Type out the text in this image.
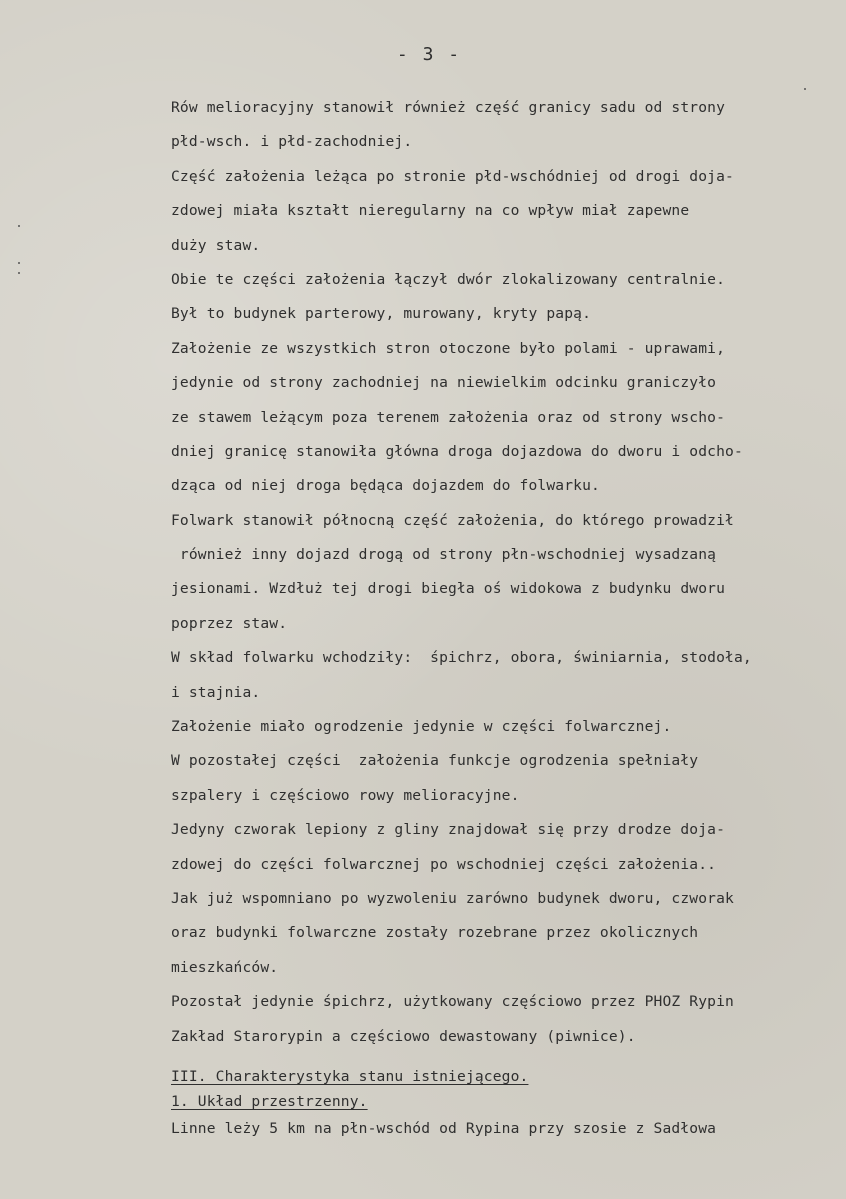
- 3 -
Rów melioracyjny stanowił również część granicy sadu od strony
płd-wsch. i płd-zachodniej.
Część założenia leżąca po stronie płd-wschódniej od drogi doja-
zdowej miała kształt nieregularny na co wpływ miał zapewne
duży staw.
Obie te części założenia łączył dwór zlokalizowany centralnie.
Był to budynek parterowy, murowany, kryty papą.
Założenie ze wszystkich stron otoczone było polami - uprawami,
jedynie od strony zachodniej na niewielkim odcinku graniczyło
ze stawem leżącym poza terenem założenia oraz od strony wscho-
dniej granicę stanowiła główna droga dojazdowa do dworu i odcho-
dząca od niej droga będąca dojazdem do folwarku.
Folwark stanowił północną część założenia, do którego prowadził
również inny dojazd drogą od strony płn-wschodniej wysadzaną
jesionami. Wzdłuż tej drogi biegła oś widokowa z budynku dworu
poprzez staw.
W skład folwarku wchodziły:  śpichrz, obora, świniarnia, stodoła,
i stajnia.
Założenie miało ogrodzenie jedynie w części folwarcznej.
W pozostałej części  założenia funkcje ogrodzenia spełniały
szpalery i częściowo rowy melioracyjne.
Jedyny czworak lepiony z gliny znajdował się przy drodze doja-
zdowej do części folwarcznej po wschodniej części założenia..
Jak już wspomniano po wyzwoleniu zarówno budynek dworu, czworak
oraz budynki folwarczne zostały rozebrane przez okolicznych
mieszkańców.
Pozostał jedynie śpichrz, użytkowany częściowo przez PHOZ Rypin
Zakład Starorypin a częściowo dewastowany (piwnice).
III. Charakterystyka stanu istniejącego.
1. Układ przestrzenny.
Linne leży 5 km na płn-wschód od Rypina przy szosie z Sadłowa
